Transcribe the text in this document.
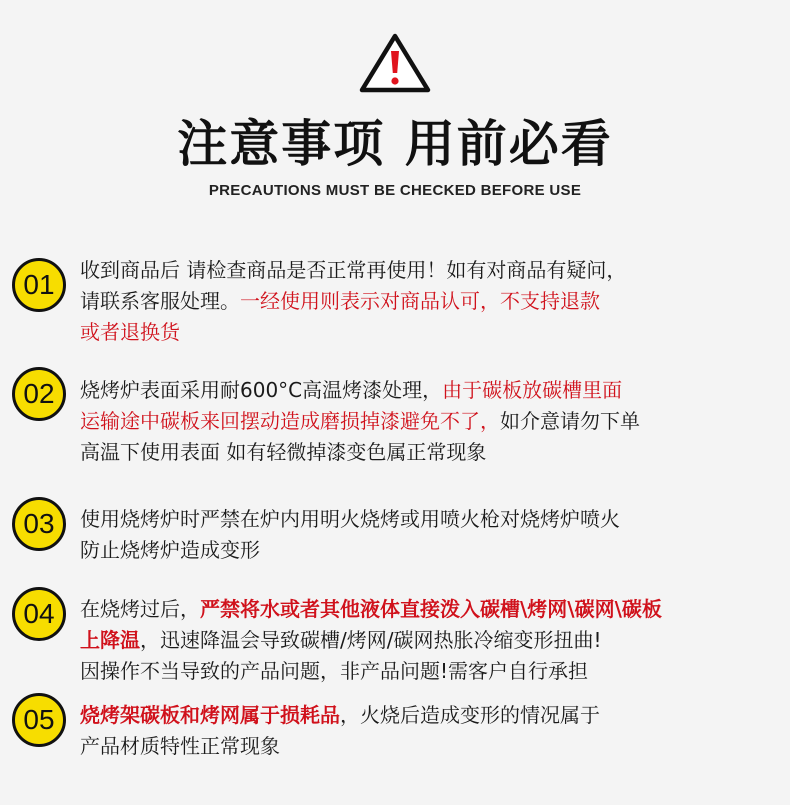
注意事项 用前必看
PRECAUTIONS MUST BE CHECKED BEFORE USE
01	收到商品后 请检查商品是否正常再使用！如有对商品有疑问，
请联系客服处理。一经使用则表示对商品认可，不支持退款
或者退换货
02	烧烤炉表面采用耐600°C高温烤漆处理，由于碳板放碳槽里面
运输途中碳板来回摆动造成磨损掉漆避免不了，如介意请勿下单
高温下使用表面 如有轻微掉漆变色属正常现象
03	使用烧烤炉时严禁在炉内用明火烧烤或用喷火枪对烧烤炉喷火
防止烧烤炉造成变形
04	在烧烤过后，严禁将水或者其他液体直接泼入碳槽\烤网\碳网\碳板
上降温，迅速降温会导致碳槽/烤网/碳网热胀冷缩变形扭曲!
因操作不当导致的产品问题，非产品问题!需客户自行承担
05	烧烤架碳板和烤网属于损耗品，火烧后造成变形的情况属于
产品材质特性正常现象
